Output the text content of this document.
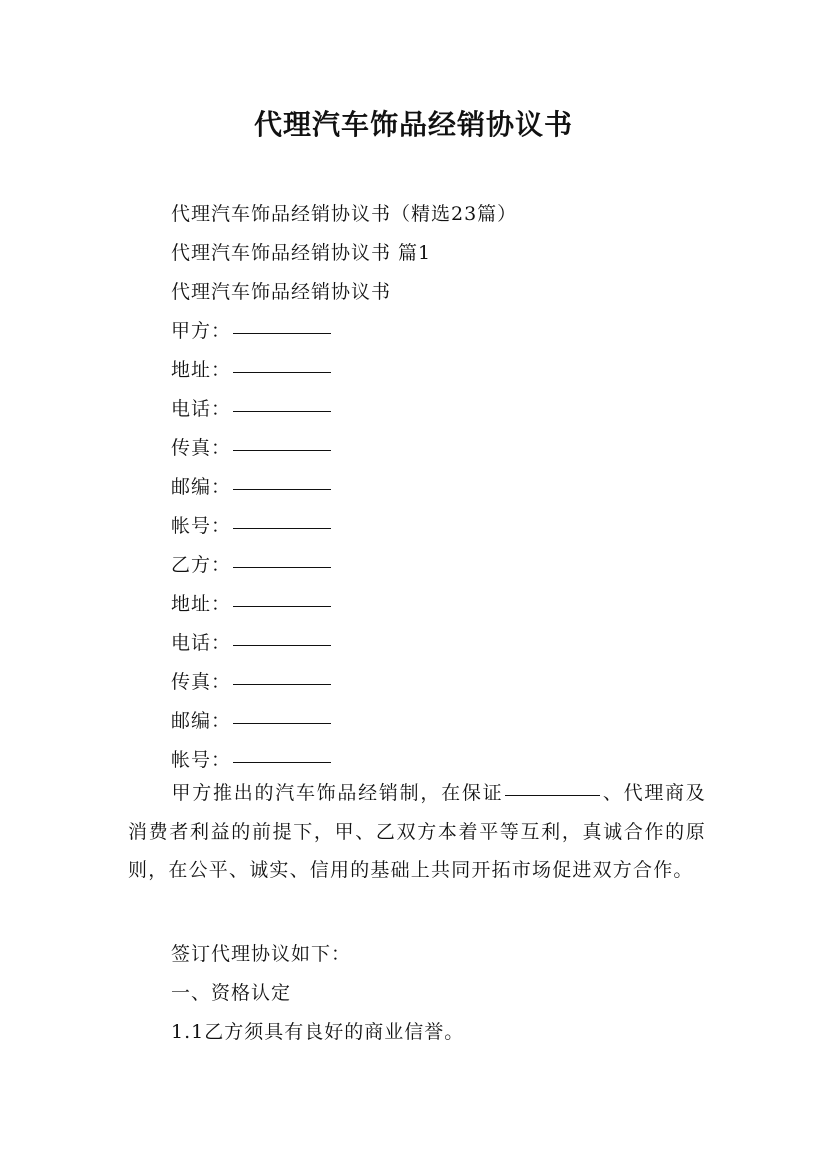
代理汽车饰品经销协议书
代理汽车饰品经销协议书（精选23篇）
代理汽车饰品经销协议书 篇1
代理汽车饰品经销协议书
甲方：
地址：
电话：
传真：
邮编：
帐号：
乙方：
地址：
电话：
传真：
邮编：
帐号：
甲方推出的汽车饰品经销制，在保证	、代理商及消费者利益的前提下，甲、乙双方本着平等互利，真诚合作的原则，在公平、诚实、信用的基础上共同开拓市场促进双方合作。
签订代理协议如下：
一、资格认定
1.1乙方须具有良好的商业信誉。
